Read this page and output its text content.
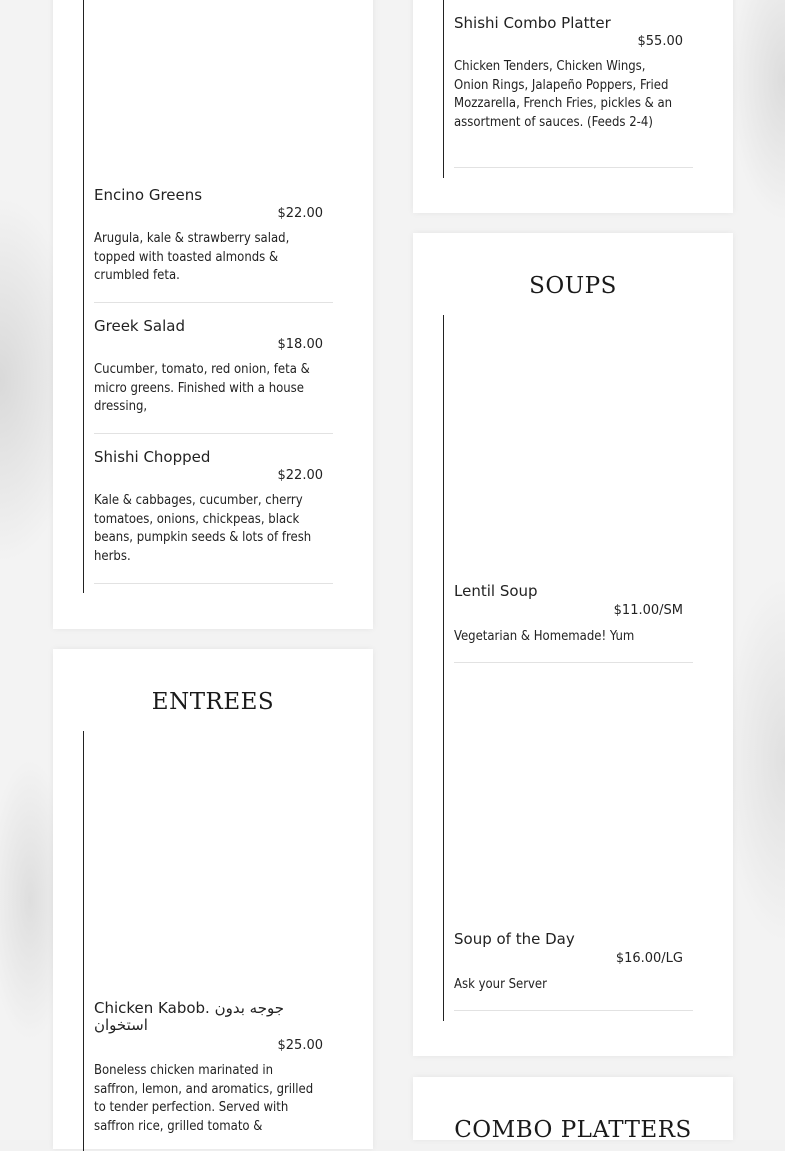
Encino Greens
$22.00
Arugula, kale & strawberry salad, topped with toasted almonds & crumbled feta.
Greek Salad
$18.00
Cucumber, tomato, red onion, feta & micro greens. Finished with a house dressing,
Shishi Chopped
$22.00
Kale & cabbages, cucumber, cherry tomatoes, onions, chickpeas, black beans, pumpkin seeds & lots of fresh herbs.
ENTREES
Chicken Kabob. جوجه بدون استخوان
$25.00
Boneless chicken marinated in saffron, lemon, and aromatics, grilled to tender perfection. Served with saffron rice, grilled tomato &
Shishi Combo Platter
$55.00
Chicken Tenders, Chicken Wings, Onion Rings, Jalapeño Poppers, Fried Mozzarella, French Fries, pickles & an assortment of sauces. (Feeds 2-4)
SOUPS
Lentil Soup
$11.00/SM
Vegetarian & Homemade! Yum
Soup of the Day
$16.00/LG
Ask your Server
COMBO PLATTERS
